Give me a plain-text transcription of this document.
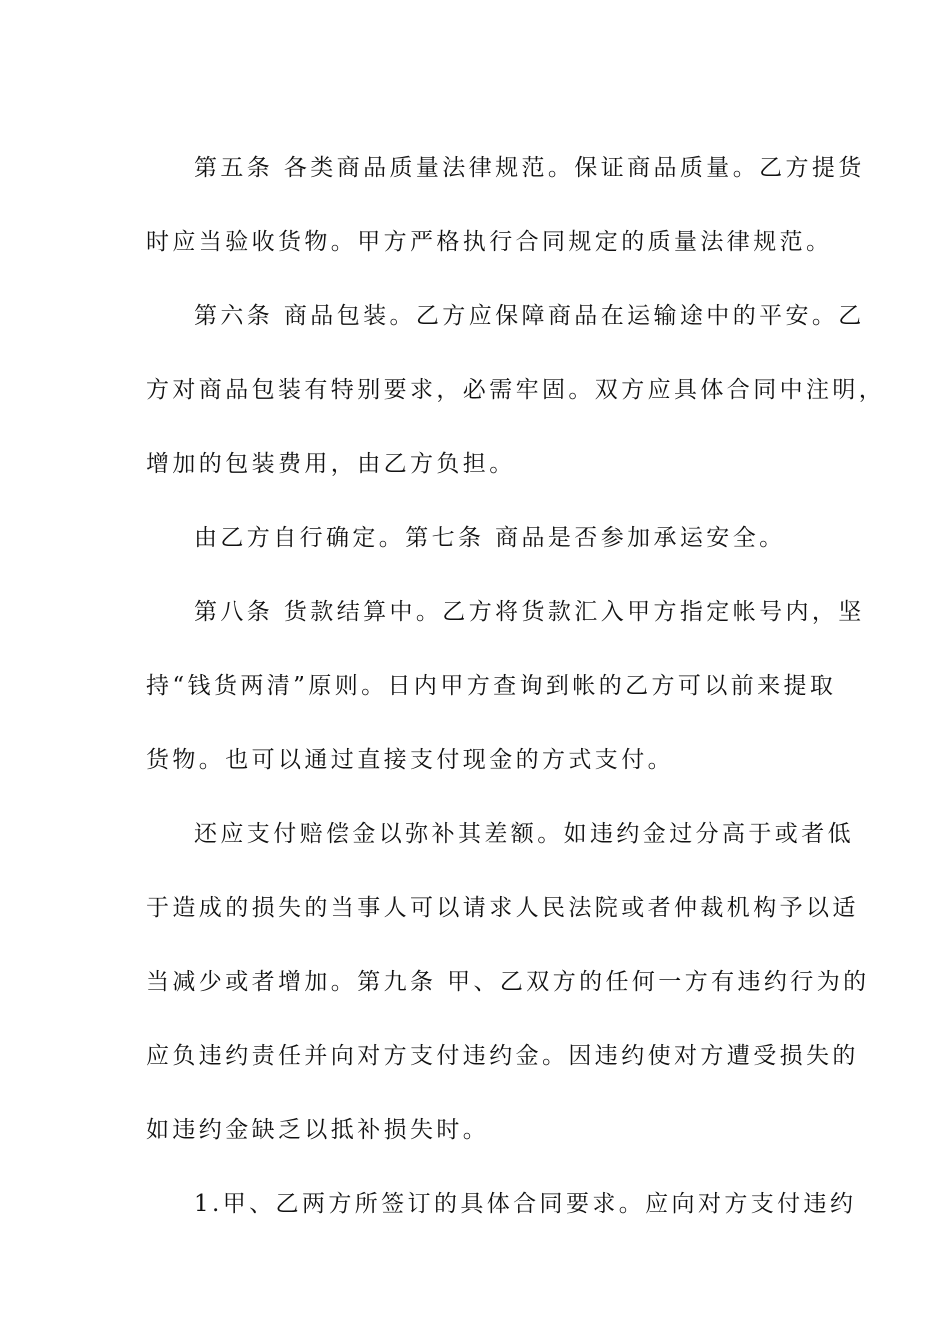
第五条 各类商品质量法律规范。保证商品质量。乙方提货
时应当验收货物。甲方严格执行合同规定的质量法律规范。
第六条 商品包装。乙方应保障商品在运输途中的平安。乙
方对商品包装有特别要求，必需牢固。双方应具体合同中注明，
增加的包装费用，由乙方负担。
由乙方自行确定。第七条 商品是否参加承运安全。
第八条 货款结算中。乙方将货款汇入甲方指定帐号内，坚
持“钱货两清”原则。日内甲方查询到帐的乙方可以前来提取
货物。也可以通过直接支付现金的方式支付。
还应支付赔偿金以弥补其差额。如违约金过分高于或者低
于造成的损失的当事人可以请求人民法院或者仲裁机构予以适
当减少或者增加。第九条 甲、乙双方的任何一方有违约行为的
应负违约责任并向对方支付违约金。因违约使对方遭受损失的
如违约金缺乏以抵补损失时。
1.甲、乙两方所签订的具体合同要求。应向对方支付违约
